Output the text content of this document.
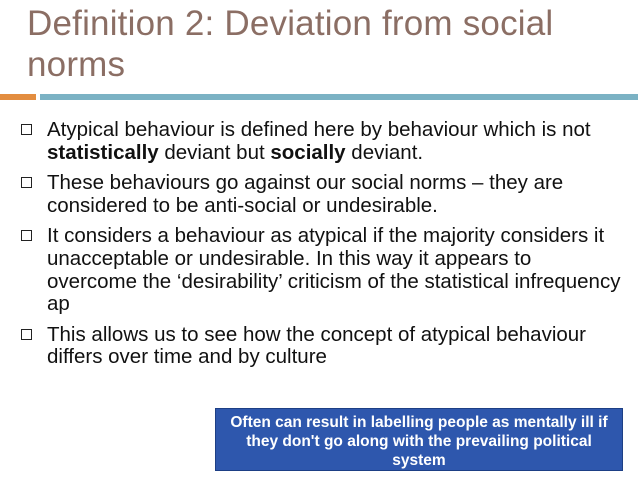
Definition 2: Deviation from social norms
Atypical behaviour is defined here by behaviour which is not statistically deviant but socially deviant.
These behaviours go against our social norms – they are considered to be anti-social or undesirable.
It considers a behaviour as atypical if the majority considers it unacceptable or undesirable. In this way it appears to overcome the ‘desirability’ criticism of the statistical infrequency ap
This allows us to see how the concept of atypical behaviour differs over time and by culture
Often can result in labelling people as mentally ill if they don't go along with the prevailing political system
